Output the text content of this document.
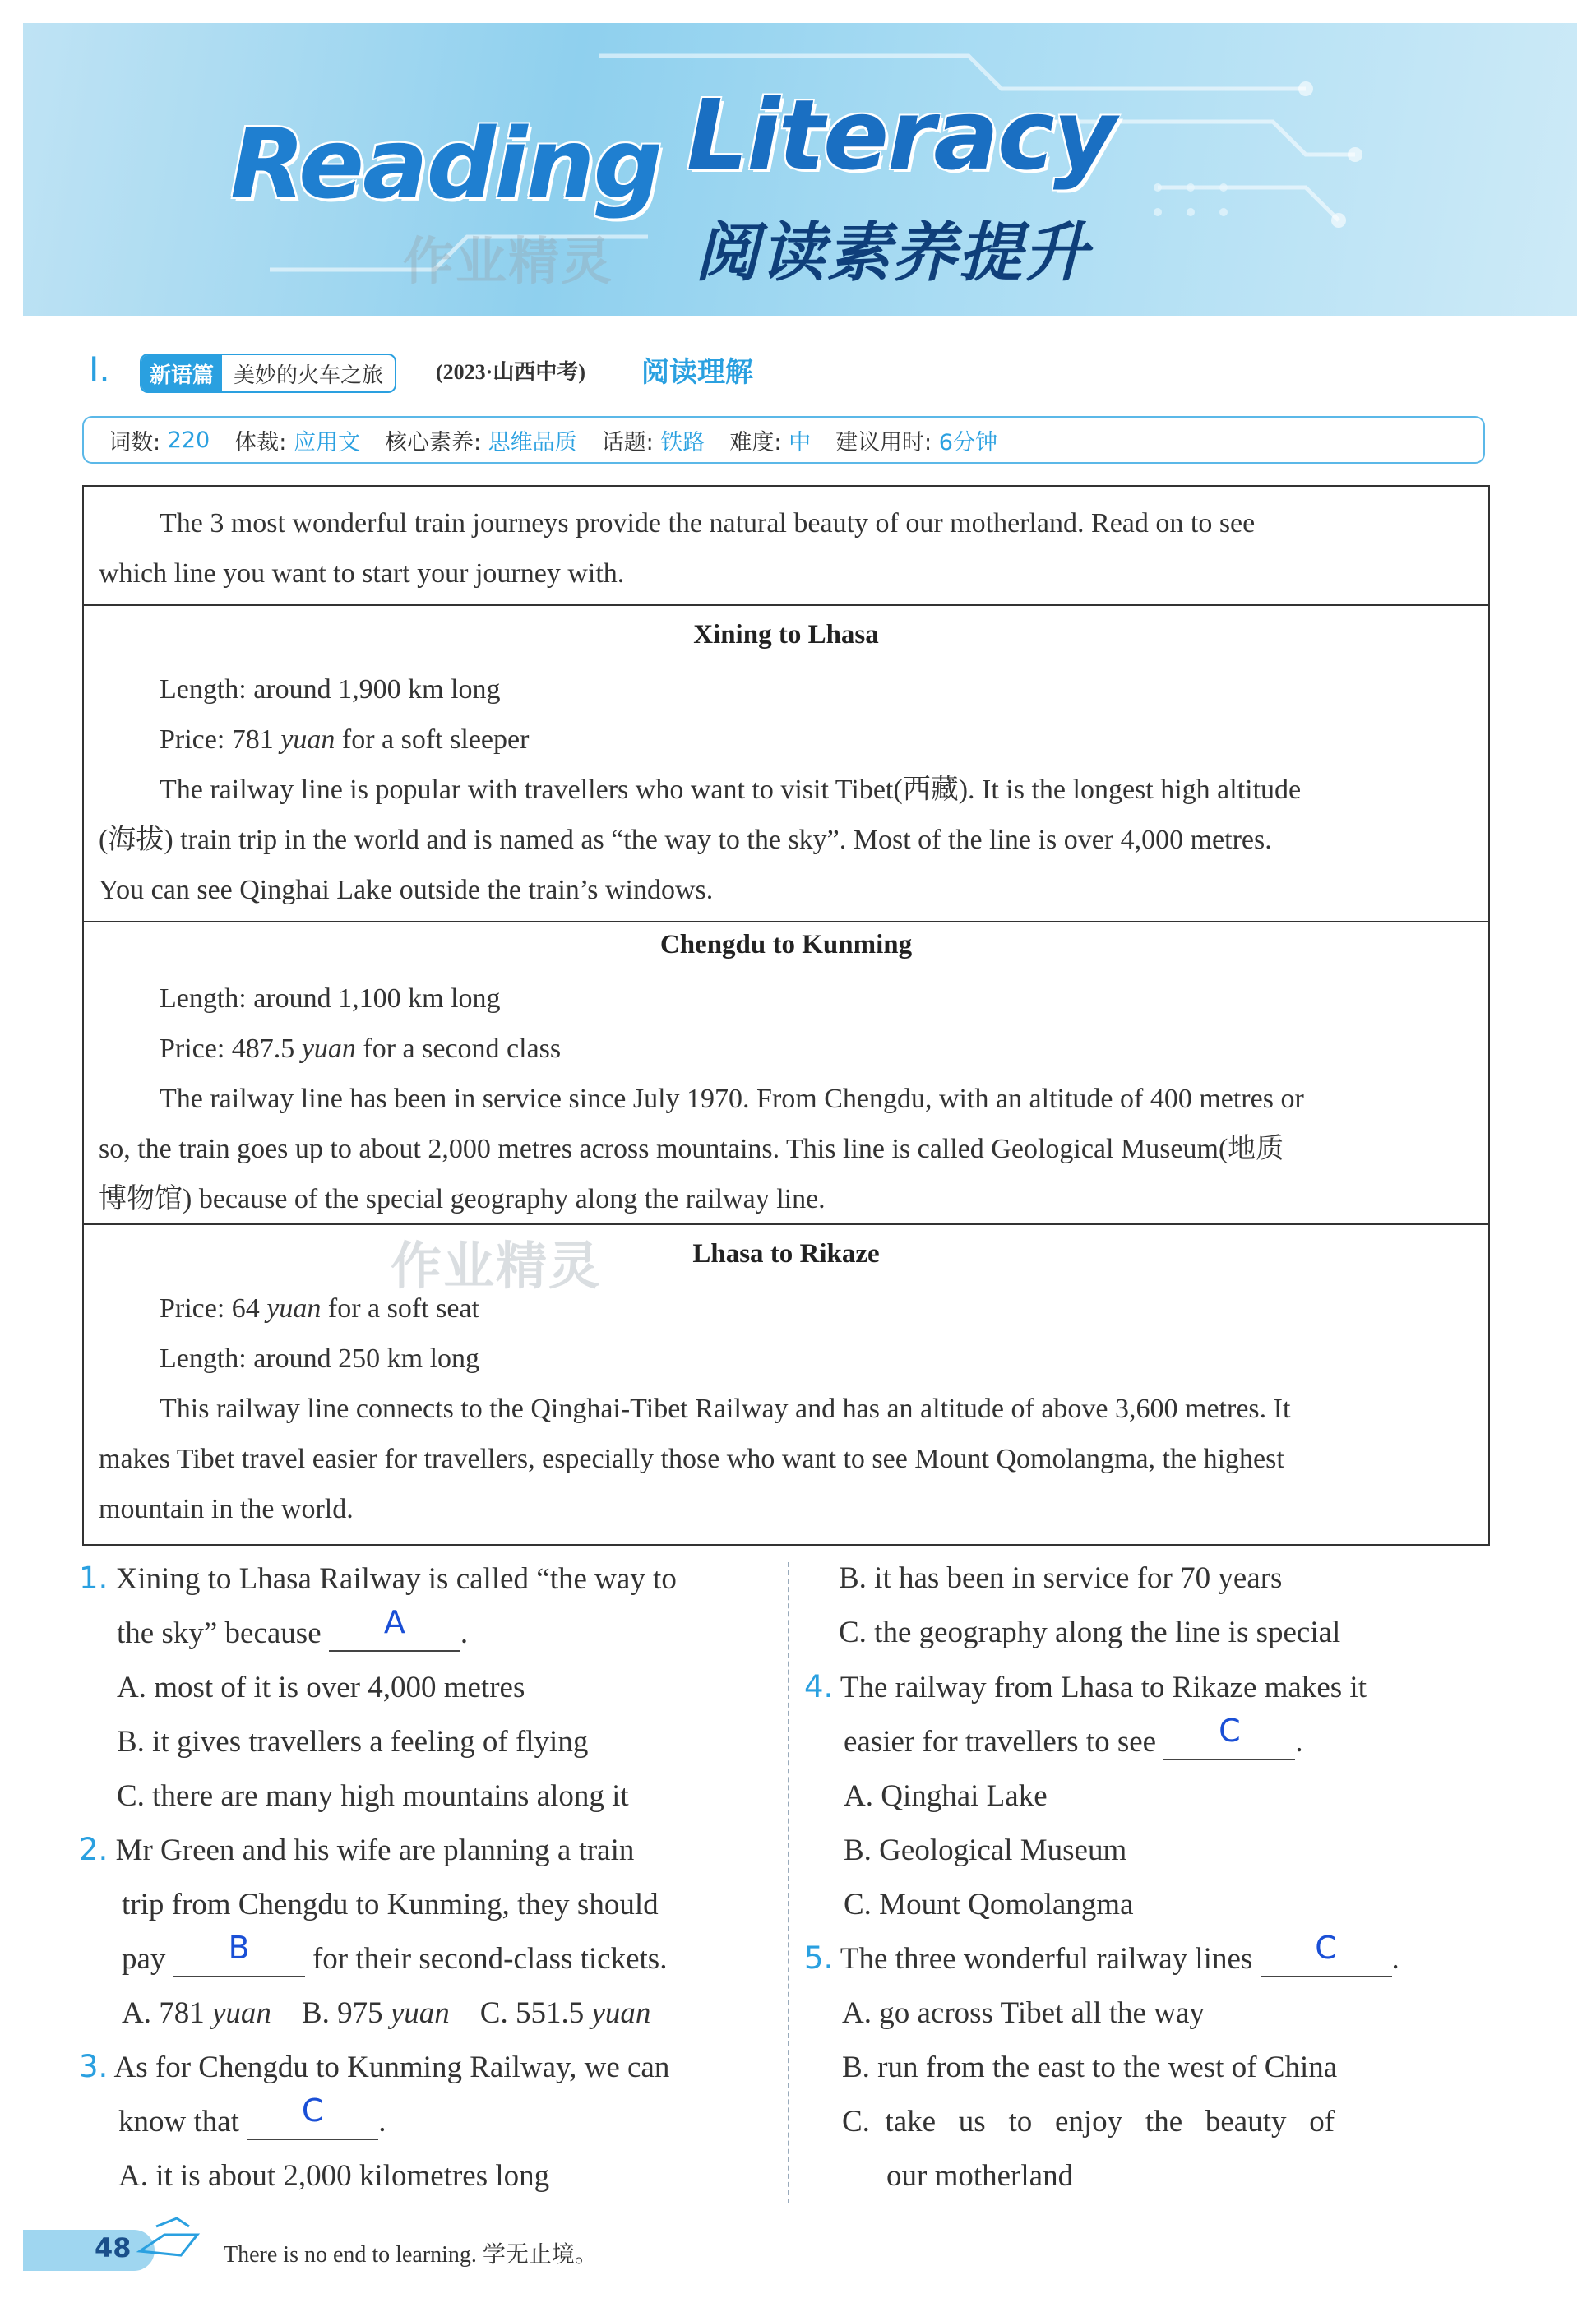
Reading Literacy
阅读素养提升
作业精灵
I.	新语篇 美妙的火车之旅	(2023·山西中考) 阅读理解
词数:
220 体裁:
应用文 核心素养:
思维品质 话题:
铁路 难度:
中 建议用时:
6分钟
The 3 most wonderful train journeys provide the natural beauty of our motherland. Read on to see
which line you want to start your journey with.
Xining to Lhasa
Length: around 1,900 km long
Price: 781 yuan for a soft sleeper
The railway line is popular with travellers who want to visit Tibet(西藏). It is the longest high altitude
(海拔) train trip in the world and is named as “the way to the sky”. Most of the line is over 4,000 metres.
You can see Qinghai Lake outside the train’s windows.
Chengdu to Kunming
Length: around 1,100 km long
Price: 487.5 yuan for a second class
The railway line has been in service since July 1970. From Chengdu, with an altitude of 400 metres or
so, the train goes up to about 2,000 metres across mountains. This line is called Geological Museum(地质
博物馆) because of the special geography along the railway line.
作业精灵	Lhasa to Rikaze
Price: 64 yuan for a soft seat
Length: around 250 km long
This railway line connects to the Qinghai-Tibet Railway and has an altitude of above 3,600 metres. It
makes Tibet travel easier for travellers, especially those who want to see Mount Qomolangma, the highest
mountain in the world.
1. Xining to Lhasa Railway is called “the way to
the sky” because A .
A. most of it is over 4,000 metres
B. it gives travellers a feeling of flying
C. there are many high mountains along it
2. Mr Green and his wife are planning a train
trip from Chengdu to Kunming, they should
pay B for their second-class tickets.
A. 781 yuan B. 975 yuan C. 551.5 yuan
3. As for Chengdu to Kunming Railway, we can
know that C .
A. it is about 2,000 kilometres long
B. it has been in service for 70 years
C. the geography along the line is special
4. The railway from Lhasa to Rikaze makes it
easier for travellers to see C .
A. Qinghai Lake
B. Geological Museum
C. Mount Qomolangma
5. The three wonderful railway lines C .
A. go across Tibet all the way
B. run from the east to the west of China
C.  take   us   to   enjoy   the   beauty   of
our motherland
48	There is no end to learning. 学无止境。
